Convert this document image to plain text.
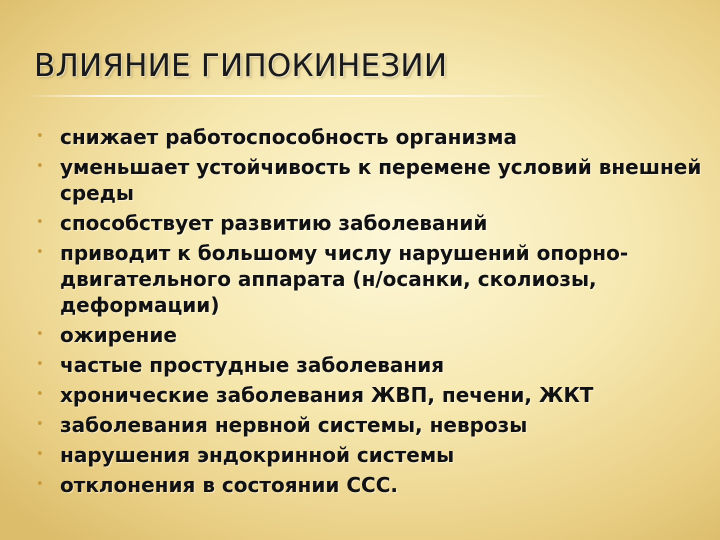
ВЛИЯНИЕ ГИПОКИНЕЗИИ
• снижает работоспособность организма
• уменьшает устойчивость к перемене условий внешней среды
• способствует развитию заболеваний
• приводит к большому числу нарушений опорно-двигательного аппарата (н/осанки, сколиозы, деформации)
• ожирение
• частые простудные заболевания
• хронические заболевания ЖВП, печени, ЖКТ
• заболевания нервной системы, неврозы
• нарушения эндокринной системы
• отклонения в состоянии ССС.
